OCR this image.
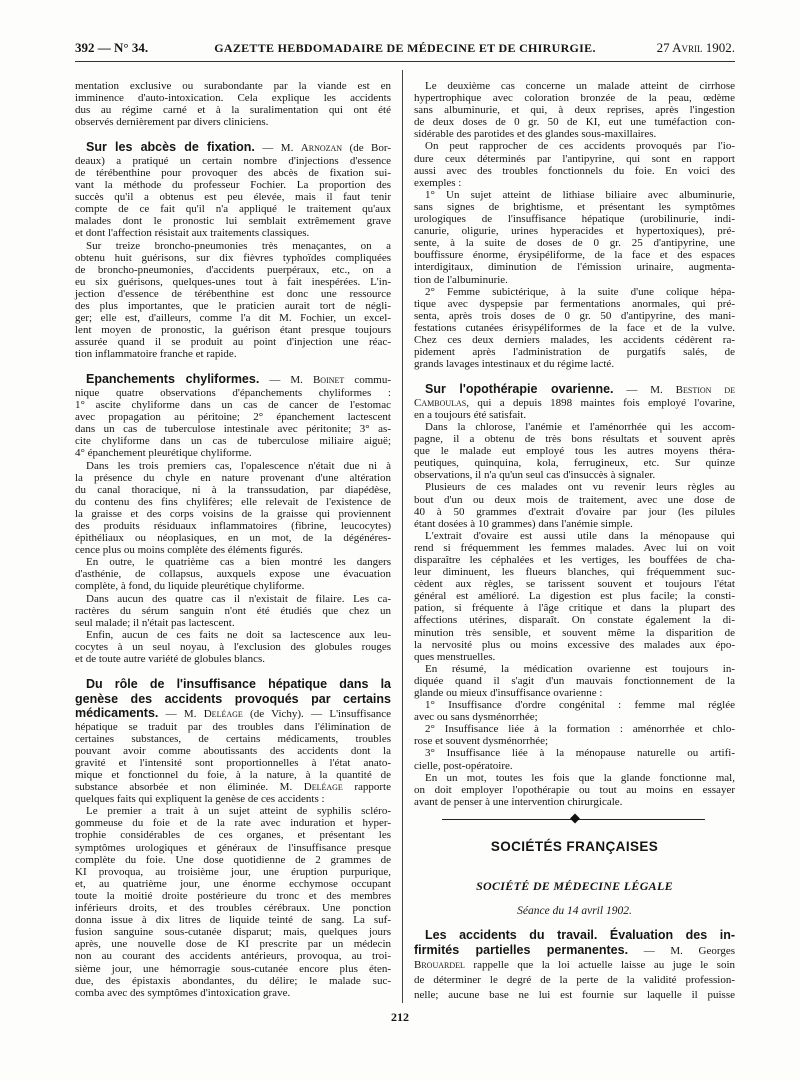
392 — N° 34.	GAZETTE HEBDOMADAIRE DE MÉDECINE ET DE CHIRURGIE.	27 Avril 1902.
mentation exclusive ou surabondante par la viande est en
imminence d'auto-intoxication. Cela explique les accidents
dus au régime carné et à la suralimentation qui ont été
observés dernièrement par divers cliniciens.
Sur les abcès de fixation. — M. Arnozan (de Bor-
deaux) a pratiqué un certain nombre d'injections d'essence
de térébenthine pour provoquer des abcès de fixation sui-
vant la méthode du professeur Fochier. La proportion des
succès qu'il a obtenus est peu élevée, mais il faut tenir
compte de ce fait qu'il n'a appliqué le traitement qu'aux
malades dont le pronostic lui semblait extrêmement grave
et dont l'affection résistait aux traitements classiques.
Sur treize broncho-pneumonies très menaçantes, on a
obtenu huit guérisons, sur dix fièvres typhoïdes compliquées
de broncho-pneumonies, d'accidents puerpéraux, etc., on a
eu six guérisons, quelques-unes tout à fait inespérées. L'in-
jection d'essence de térébenthine est donc une ressource
des plus importantes, que le praticien aurait tort de négli-
ger; elle est, d'ailleurs, comme l'a dit M. Fochier, un excel-
lent moyen de pronostic, la guérison étant presque toujours
assurée quand il se produit au point d'injection une réac-
tion inflammatoire franche et rapide.
Epanchements chyliformes. — M. Boinet commu-
nique quatre observations d'épanchements chyliformes :
1° ascite chyliforme dans un cas de cancer de l'estomac
avec propagation au péritoine; 2° épanchement lactescent
dans un cas de tuberculose intestinale avec péritonite; 3° as-
cite chyliforme dans un cas de tuberculose miliaire aiguë;
4° épanchement pleurétique chyliforme.
Dans les trois premiers cas, l'opalescence n'était due ni à
la présence du chyle en nature provenant d'une altération
du canal thoracique, ni à la transsudation, par diapédèse,
du contenu des fins chylifères; elle relevait de l'existence de
la graisse et des corps voisins de la graisse qui proviennent
des produits résiduaux inflammatoires (fibrine, leucocytes)
épithéliaux ou néoplasiques, en un mot, de la dégénéres-
cence plus ou moins complète des éléments figurés.
En outre, le quatrième cas a bien montré les dangers
d'asthénie, de collapsus, auxquels expose une évacuation
complète, à fond, du liquide pleurétique chyliforme.
Dans aucun des quatre cas il n'existait de filaire. Les ca-
ractères du sérum sanguin n'ont été étudiés que chez un
seul malade; il n'était pas lactescent.
Enfin, aucun de ces faits ne doit sa lactescence aux leu-
cocytes à un seul noyau, à l'exclusion des globules rouges
et de toute autre variété de globules blancs.
Du rôle de l'insuffisance hépatique dans la
genèse des accidents provoqués par certains
médicaments. — M. Deléage (de Vichy). — L'insuffisance
hépatique se traduit par des troubles dans l'élimination de
certaines substances, de certains médicaments, troubles
pouvant avoir comme aboutissants des accidents dont la
gravité et l'intensité sont proportionnelles à l'état anato-
mique et fonctionnel du foie, à la nature, à la quantité de
substance absorbée et non éliminée. M. Deléage rapporte
quelques faits qui expliquent la genèse de ces accidents :
Le premier a trait à un sujet atteint de syphilis scléro-
gommeuse du foie et de la rate avec induration et hyper-
trophie considérables de ces organes, et présentant les
symptômes urologiques et généraux de l'insuffisance presque
complète du foie. Une dose quotidienne de 2 grammes de
KI provoqua, au troisième jour, une éruption purpurique,
et, au quatrième jour, une énorme ecchymose occupant
toute la moitié droite postérieure du tronc et des membres
inférieurs droits, et des troubles cérébraux. Une ponction
donna issue à dix litres de liquide teinté de sang. La suf-
fusion sanguine sous-cutanée disparut; mais, quelques jours
après, une nouvelle dose de KI prescrite par un médecin
non au courant des accidents antérieurs, provoqua, au troi-
sième jour, une hémorragie sous-cutanée encore plus éten-
due, des épistaxis abondantes, du délire; le malade suc-
comba avec des symptômes d'intoxication grave.
Le deuxième cas concerne un malade atteint de cirrhose
hypertrophique avec coloration bronzée de la peau, œdème
sans albuminurie, et qui, à deux reprises, après l'ingestion
de deux doses de 0 gr. 50 de KI, eut une tuméfaction con-
sidérable des parotides et des glandes sous-maxillaires.
On peut rapprocher de ces accidents provoqués par l'io-
dure ceux déterminés par l'antipyrine, qui sont en rapport
aussi avec des troubles fonctionnels du foie. En voici des
exemples :
1° Un sujet atteint de lithiase biliaire avec albuminurie,
sans signes de brightisme, et présentant les symptômes
urologiques de l'insuffisance hépatique (urobilinurie, indi-
canurie, oligurie, urines hyperacides et hypertoxiques), pré-
sente, à la suite de doses de 0 gr. 25 d'antipyrine, une
bouffissure énorme, érysipéliforme, de la face et des espaces
interdigitaux, diminution de l'émission urinaire, augmenta-
tion de l'albuminurie.
2° Femme subictérique, à la suite d'une colique hépa-
tique avec dyspepsie par fermentations anormales, qui pré-
senta, après trois doses de 0 gr. 50 d'antipyrine, des mani-
festations cutanées érisypéliformes de la face et de la vulve.
Chez ces deux derniers malades, les accidents cédèrent ra-
pidement après l'administration de purgatifs salés, de
grands lavages intestinaux et du régime lacté.
Sur l'opothérapie ovarienne. — M. Bestion de
Camboulas, qui a depuis 1898 maintes fois employé l'ovarine,
en a toujours été satisfait.
Dans la chlorose, l'anémie et l'aménorrhée qui les accom-
pagne, il a obtenu de très bons résultats et souvent après
que le malade eut employé tous les autres moyens théra-
peutiques, quinquina, kola, ferrugineux, etc. Sur quinze
observations, il n'a qu'un seul cas d'insuccès à signaler.
Plusieurs de ces malades ont vu revenir leurs règles au
bout d'un ou deux mois de traitement, avec une dose de
40 à 50 grammes d'extrait d'ovaire par jour (les pilules
étant dosées à 10 grammes) dans l'anémie simple.
L'extrait d'ovaire est aussi utile dans la ménopause qui
rend si fréquemment les femmes malades. Avec lui on voit
disparaître les céphalées et les vertiges, les bouffées de cha-
leur diminuent, les flueurs blanches, qui fréquemment suc-
cèdent aux règles, se tarissent souvent et toujours l'état
général est amélioré. La digestion est plus facile; la consti-
pation, si fréquente à l'âge critique et dans la plupart des
affections utérines, disparaît. On constate également la di-
minution très sensible, et souvent même la disparition de
la nervosité plus ou moins excessive des malades aux épo-
ques menstruelles.
En résumé, la médication ovarienne est toujours in-
diquée quand il s'agit d'un mauvais fonctionnement de la
glande ou mieux d'insuffisance ovarienne :
1° Insuffisance d'ordre congénital : femme mal réglée
avec ou sans dysménorrhée;
2° Insuffisance liée à la formation : aménorrhée et chlo-
rose et souvent dysménorrhée;
3° Insuffisance liée à la ménopause naturelle ou artifi-
cielle, post-opératoire.
En un mot, toutes les fois que la glande fonctionne mal,
on doit employer l'opothérapie ou tout au moins en essayer
avant de penser à une intervention chirurgicale.
SOCIÉTÉS FRANÇAISES
SOCIÉTÉ DE MÉDECINE LÉGALE
Séance du 14 avril 1902.
Les accidents du travail. Évaluation des in-
firmités partielles permanentes. — M. Georges
Brouardel rappelle que la loi actuelle laisse au juge le soin
de déterminer le degré de la perte de la validité profession-
nelle; aucune base ne lui est fournie sur laquelle il puisse
212
